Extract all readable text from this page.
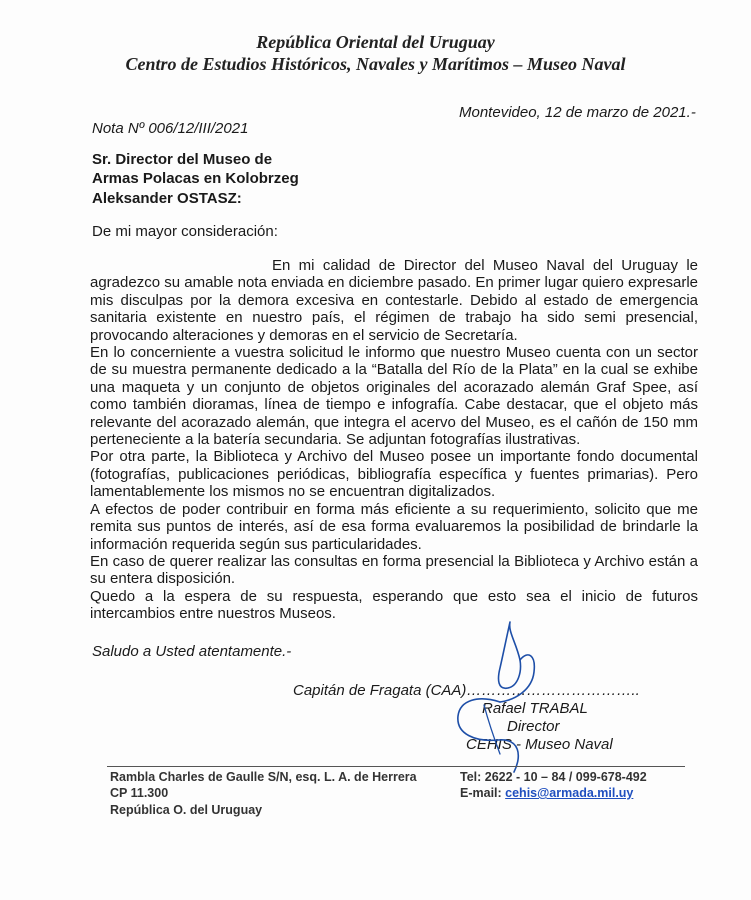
República Oriental del Uruguay
Centro de Estudios Históricos, Navales y Marítimos – Museo Naval
Montevideo, 12 de marzo de 2021.-
Nota Nº 006/12/III/2021
Sr. Director del Museo de
Armas Polacas en Kolobrzeg
Aleksander OSTASZ:
De mi mayor consideración:

En mi calidad de Director del Museo Naval del Uruguay le agradezco su amable nota enviada en diciembre pasado. En primer lugar quiero expresarle mis disculpas por la demora excesiva en contestarle. Debido al estado de emergencia sanitaria existente en nuestro país, el régimen de trabajo ha sido semi presencial, provocando alteraciones y demoras en el servicio de Secretaría.

En lo concerniente a vuestra solicitud le informo que nuestro Museo cuenta con un sector de su muestra permanente dedicado a la “Batalla del Río de la Plata” en la cual se exhibe una maqueta y un conjunto de objetos originales del acorazado alemán Graf Spee, así como también dioramas, línea de tiempo e infografía. Cabe destacar, que el objeto más relevante del acorazado alemán, que integra el acervo del Museo, es el cañón de 150 mm perteneciente a la batería secundaria. Se adjuntan fotografías ilustrativas.

Por otra parte, la Biblioteca y Archivo del Museo posee un importante fondo documental (fotografías, publicaciones periódicas, bibliografía específica y fuentes primarias). Pero lamentablemente los mismos no se encuentran digitalizados.

A efectos de poder contribuir en forma más eficiente a su requerimiento, solicito que me remita sus puntos de interés, así de esa forma evaluaremos la posibilidad de brindarle la información requerida según sus particularidades.

En caso de querer realizar las consultas en forma presencial la Biblioteca y Archivo están a su entera disposición.

Quedo a la espera de su respuesta, esperando que esto sea el inicio de futuros intercambios entre nuestros Museos.

Saludo a Usted atentamente.-
Capitán de Fragata (CAA)……………………………..
Rafael TRABAL
Director
CEHIS - Museo Naval
Rambla Charles de Gaulle S/N, esq. L. A. de Herrera
CP 11.300
República O. del Uruguay
Tel: 2622 - 10 – 84 / 099-678-492
E-mail: cehis@armada.mil.uy
